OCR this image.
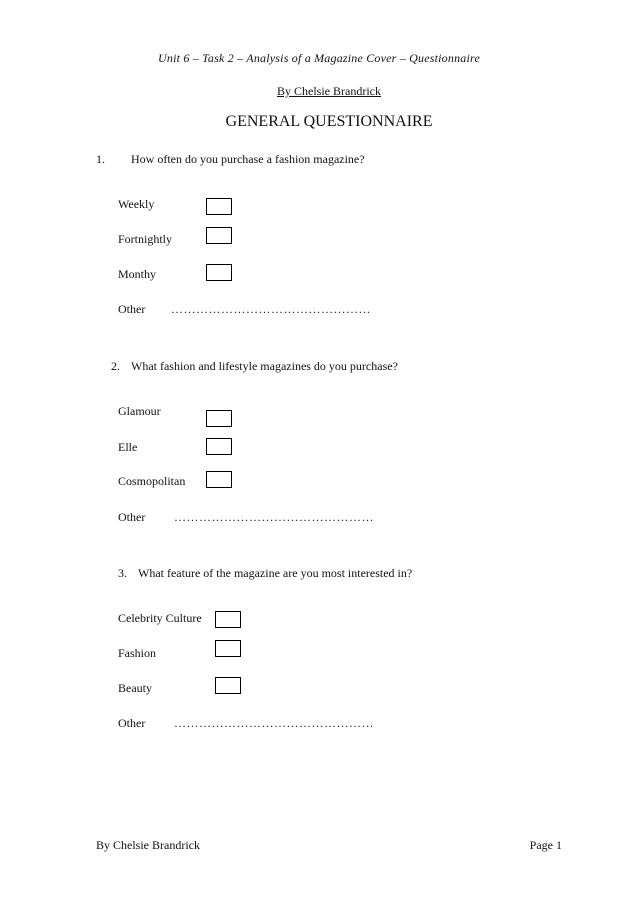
Unit 6 – Task 2 – Analysis of a Magazine Cover – Questionnaire
By Chelsie Brandrick
GENERAL QUESTIONNAIRE
1. How often do you purchase a fashion magazine?
Weekly
Fortnightly
Monthy
Other …………………………………………
2. What fashion and lifestyle magazines do you purchase?
Glamour
Elle
Cosmopolitan
Other …………………………………………
3. What feature of the magazine are you most interested in?
Celebrity Culture
Fashion
Beauty
Other …………………………………………
By Chelsie Brandrick	Page 1
